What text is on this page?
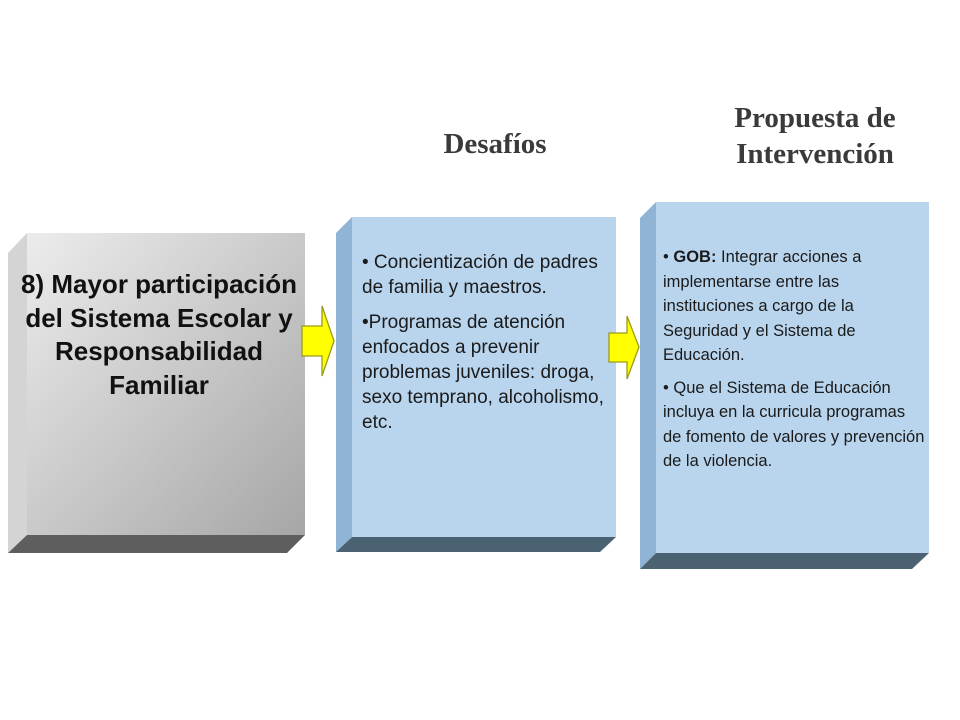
Desafíos
Propuesta de Intervención
8) Mayor participación del Sistema Escolar y Responsabilidad Familiar

• Concientización de padres de familia y maestros.

•Programas de atención enfocados a prevenir problemas juveniles: droga, sexo temprano, alcoholismo, etc.

• GOB: Integrar acciones a implementarse entre las instituciones a cargo de la Seguridad y el Sistema de Educación.

• Que el Sistema de Educación incluya en la curricula programas de fomento de valores y prevención de la violencia.
